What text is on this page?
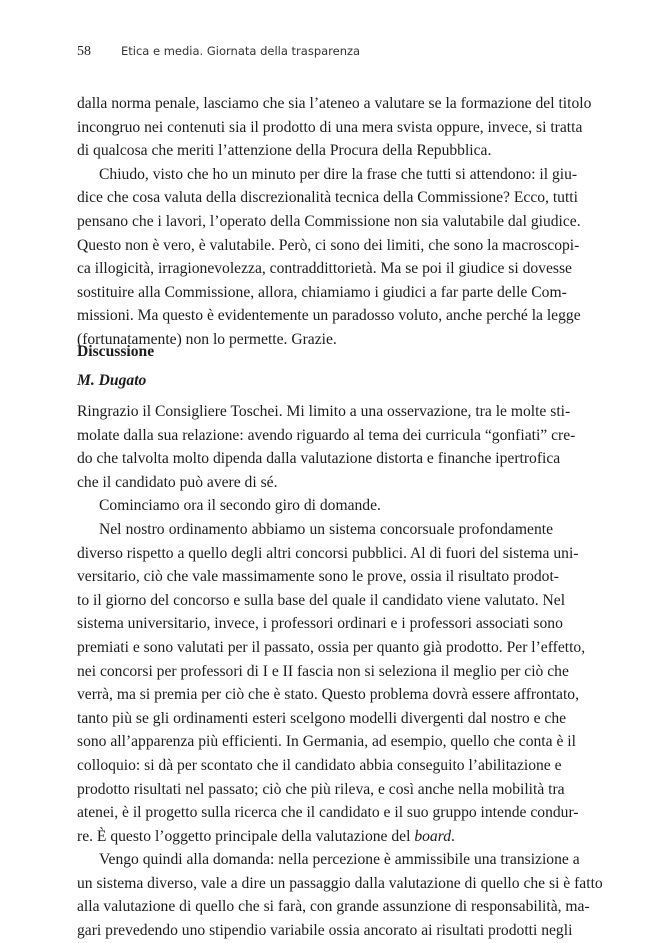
58	Etica e media. Giornata della trasparenza
dalla norma penale, lasciamo che sia l’ateneo a valutare se la formazione del titolo
incongruo nei contenuti sia il prodotto di una mera svista oppure, invece, si tratta
di qualcosa che meriti l’attenzione della Procura della Repubblica.
Chiudo, visto che ho un minuto per dire la frase che tutti si attendono: il giu-
dice che cosa valuta della discrezionalità tecnica della Commissione? Ecco, tutti
pensano che i lavori, l’operato della Commissione non sia valutabile dal giudice.
Questo non è vero, è valutabile. Però, ci sono dei limiti, che sono la macroscopi-
ca illogicità, irragionevolezza, contraddittorietà. Ma se poi il giudice si dovesse
sostituire alla Commissione, allora, chiamiamo i giudici a far parte delle Com-
missioni. Ma questo è evidentemente un paradosso voluto, anche perché la legge
(fortunatamente) non lo permette. Grazie.
Discussione
M. Dugato
Ringrazio il Consigliere Toschei. Mi limito a una osservazione, tra le molte sti-
molate dalla sua relazione: avendo riguardo al tema dei curricula “gonfiati” cre-
do che talvolta molto dipenda dalla valutazione distorta e finanche ipertrofica
che il candidato può avere di sé.
Cominciamo ora il secondo giro di domande.
Nel nostro ordinamento abbiamo un sistema concorsuale profondamente
diverso rispetto a quello degli altri concorsi pubblici. Al di fuori del sistema uni-
versitario, ciò che vale massimamente sono le prove, ossia il risultato prodot-
to il giorno del concorso e sulla base del quale il candidato viene valutato. Nel
sistema universitario, invece, i professori ordinari e i professori associati sono
premiati e sono valutati per il passato, ossia per quanto già prodotto. Per l’effetto,
nei concorsi per professori di I e II fascia non si seleziona il meglio per ciò che
verrà, ma si premia per ciò che è stato. Questo problema dovrà essere affrontato,
tanto più se gli ordinamenti esteri scelgono modelli divergenti dal nostro e che
sono all’apparenza più efficienti. In Germania, ad esempio, quello che conta è il
colloquio: si dà per scontato che il candidato abbia conseguito l’abilitazione e
prodotto risultati nel passato; ciò che più rileva, e così anche nella mobilità tra
atenei, è il progetto sulla ricerca che il candidato e il suo gruppo intende condur-
re. È questo l’oggetto principale della valutazione del board.
Vengo quindi alla domanda: nella percezione è ammissibile una transizione a
un sistema diverso, vale a dire un passaggio dalla valutazione di quello che si è fatto
alla valutazione di quello che si farà, con grande assunzione di responsabilità, ma-
gari prevedendo uno stipendio variabile ossia ancorato ai risultati prodotti negli
